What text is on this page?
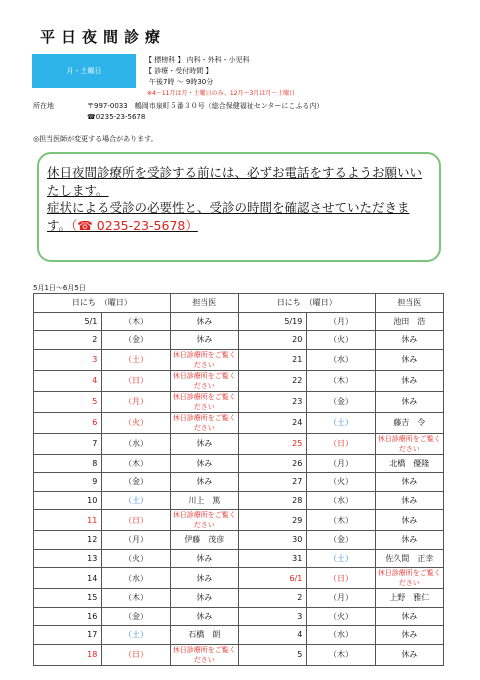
平日夜間診療
月・土曜日
【 標榜科 】 内科・外科・小児科
【 診療・受付時間 】
午後7時 ～ 9時30分
※4～11月は月・土曜日のみ、12月～3月は月～土曜日
所在地	〒997-0033　鶴岡市泉町５番３０号（総合保健福祉センターにこふる内）
☎0235-23-5678
◎担当医師が変更する場合があります。

休日夜間診療所を受診する前には、必ずお電話をするようお願いいたします。

症状による受診の必要性と、受診の時間を確認させていただきます。（☎ 0235-23-5678）

5月1日～6月5日
日にち　（曜日）		担当医	日にち　（曜日）		担当医
5/1	（木）	休み	5/19	（月）	池田　浩
2	（金）	休み	20	（火）	休み
3	（土）	休日診療所をご覧ください	21	（水）	休み
4	（日）	休日診療所をご覧ください	22	（木）	休み
5	（月）	休日診療所をご覧ください	23	（金）	休み
6	（火）	休日診療所をご覧ください	24	（土）	藤吉　令
7	（水）	休み	25	（日）	休日診療所をご覧ください
8	（木）	休み	26	（月）	北橋　優隆
9	（金）	休み	27	（火）	休み
10	（土）	川上　篤	28	（水）	休み
11	（日）	休日診療所をご覧ください	29	（木）	休み
12	（月）	伊藤　茂彦	30	（金）	休み
13	（火）	休み	31	（土）	佐久間　正幸
14	（水）	休み	6/1	（日）	休日診療所をご覧ください
15	（木）	休み	2	（月）	上野　雅仁
16	（金）	休み	3	（火）	休み
17	（土）	石橋　朗	4	（水）	休み
18	（日）	休日診療所をご覧ください	5	（木）	休み
